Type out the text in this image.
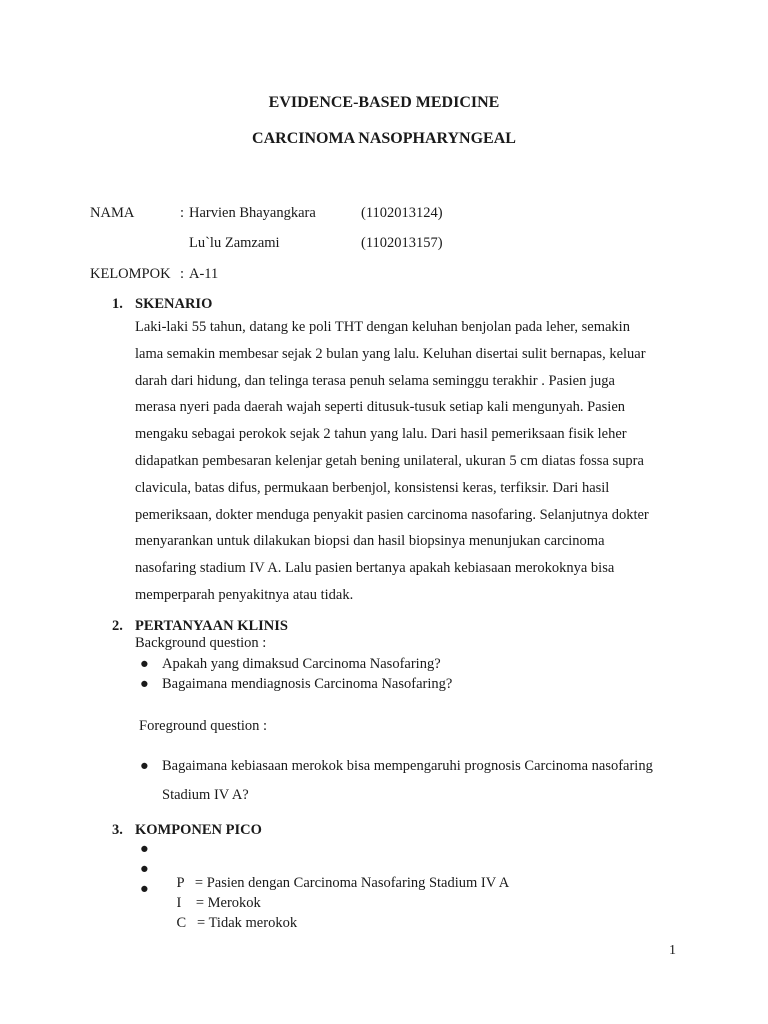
EVIDENCE-BASED MEDICINE
CARCINOMA NASOPHARYNGEAL
NAMA	: Harvien Bhayangkara	(1102013124)
Lu`lu Zamzami	(1102013157)
KELOMPOK : A-11
1. SKENARIO
Laki-laki 55 tahun, datang ke poli THT dengan keluhan benjolan pada leher, semakin
lama semakin membesar sejak 2 bulan yang lalu. Keluhan disertai sulit bernapas, keluar
darah dari hidung, dan telinga terasa penuh selama seminggu terakhir . Pasien juga
merasa nyeri pada daerah wajah seperti ditusuk-tusuk setiap kali mengunyah. Pasien
mengaku sebagai perokok sejak 2 tahun yang lalu. Dari hasil pemeriksaan fisik leher
didapatkan pembesaran kelenjar getah bening unilateral, ukuran 5 cm diatas fossa supra
clavicula, batas difus, permukaan berbenjol, konsistensi keras, terfiksir. Dari hasil
pemeriksaan, dokter menduga penyakit pasien carcinoma nasofaring. Selanjutnya dokter
menyarankan untuk dilakukan biopsi dan hasil biopsinya menunjukan carcinoma
nasofaring stadium IV A. Lalu pasien bertanya apakah kebiasaan merokoknya bisa
memperparah penyakitnya atau tidak.
2. PERTANYAAN KLINIS
Background question :
● Apakah yang dimaksud Carcinoma Nasofaring?
● Bagaimana mendiagnosis Carcinoma Nasofaring?
Foreground question :
● Bagaimana kebiasaan merokok bisa mempengaruhi prognosis Carcinoma nasofaring
Stadium IV A?
3. KOMPONEN PICO

●

P   = Pasien dengan Carcinoma Nasofaring Stadium IV A

●

I    = Merokok

●

C   = Tidak merokok

1
